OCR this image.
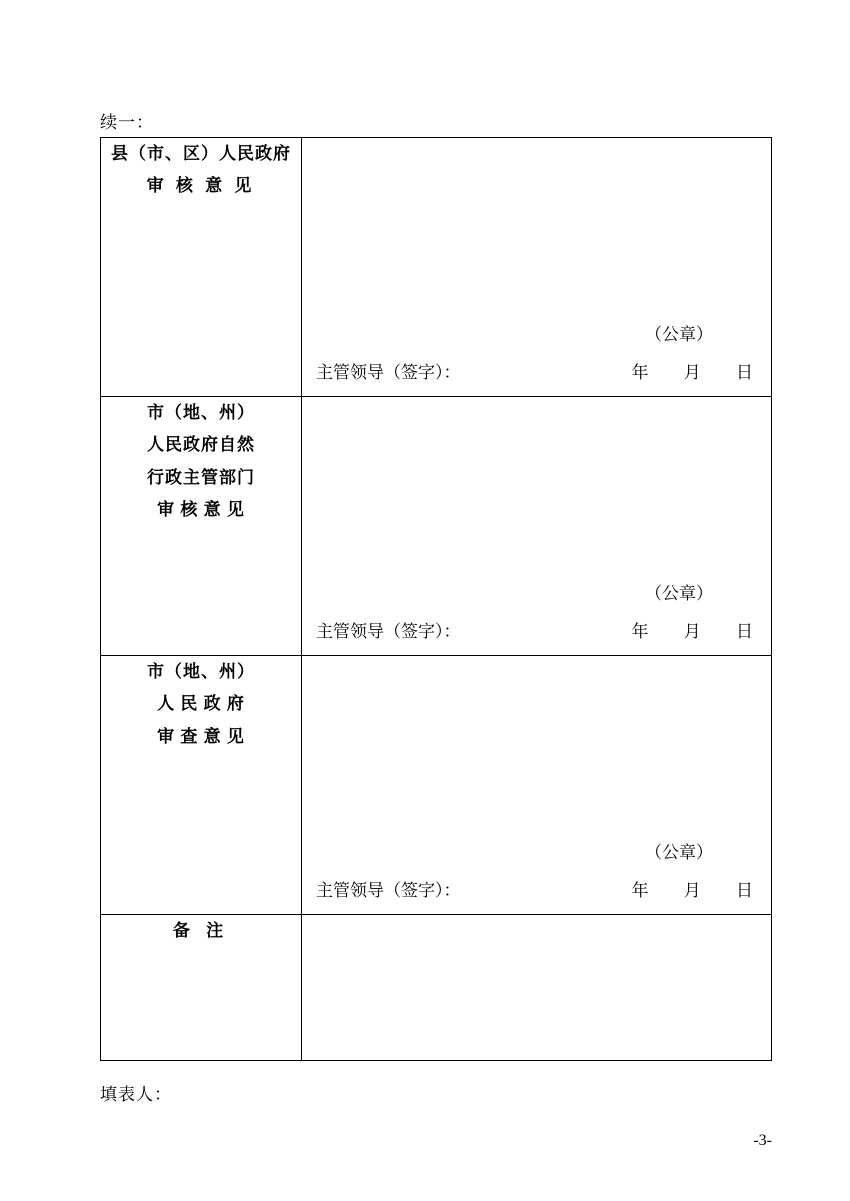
续一：
县（市、区）人民政府
审 核 意 见

（公章）
主管领导（签字）：	年 月 日

市（地、州）
人民政府自然
行政主管部门
审 核 意 见

（公章）
主管领导（签字）：	年 月 日

市（地、州）
人 民 政 府
审 查 意 见

（公章）
主管领导（签字）：	年 月 日

备 注	

填表人：
-3-
